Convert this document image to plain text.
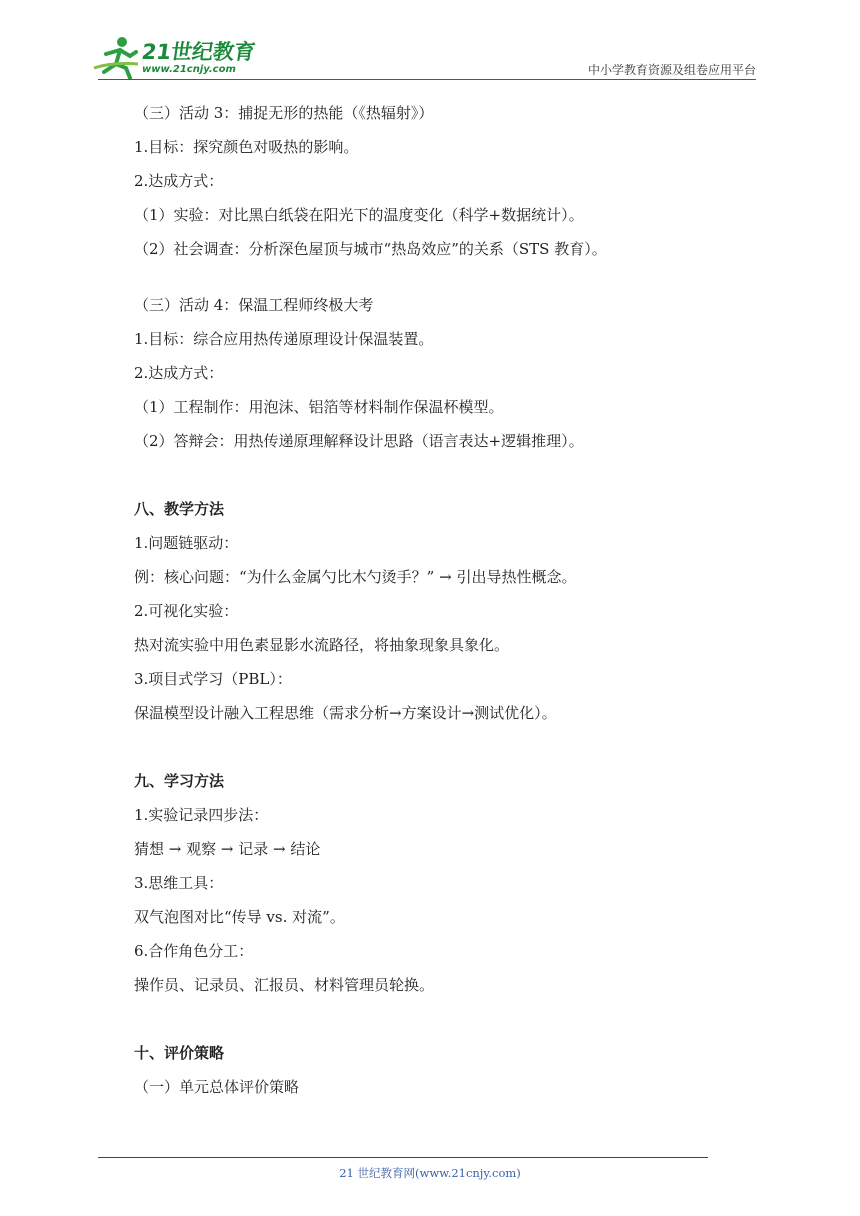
21世纪教育
www.21cnjy.com	中小学教育资源及组卷应用平台
（三）活动 3：捕捉无形的热能（《热辐射》）
1.目标：探究颜色对吸热的影响。
2.达成方式：
（1）实验：对比黑白纸袋在阳光下的温度变化（科学+数据统计）。
（2）社会调查：分析深色屋顶与城市“热岛效应”的关系（STS 教育）。
（三）活动 4：保温工程师终极大考
1.目标：综合应用热传递原理设计保温装置。
2.达成方式：
（1）工程制作：用泡沫、铝箔等材料制作保温杯模型。
（2）答辩会：用热传递原理解释设计思路（语言表达+逻辑推理）。
八、教学方法
1.问题链驱动：
例：核心问题：“为什么金属勺比木勺烫手？” → 引出导热性概念。
2.可视化实验：
热对流实验中用色素显影水流路径，将抽象现象具象化。
3.项目式学习（PBL）：
保温模型设计融入工程思维（需求分析→方案设计→测试优化）。
九、学习方法
1.实验记录四步法：
猜想 → 观察 → 记录 → 结论
3.思维工具：
双气泡图对比“传导 vs. 对流”。
6.合作角色分工：
操作员、记录员、汇报员、材料管理员轮换。
十、评价策略
（一）单元总体评价策略
21 世纪教育网(www.21cnjy.com)
